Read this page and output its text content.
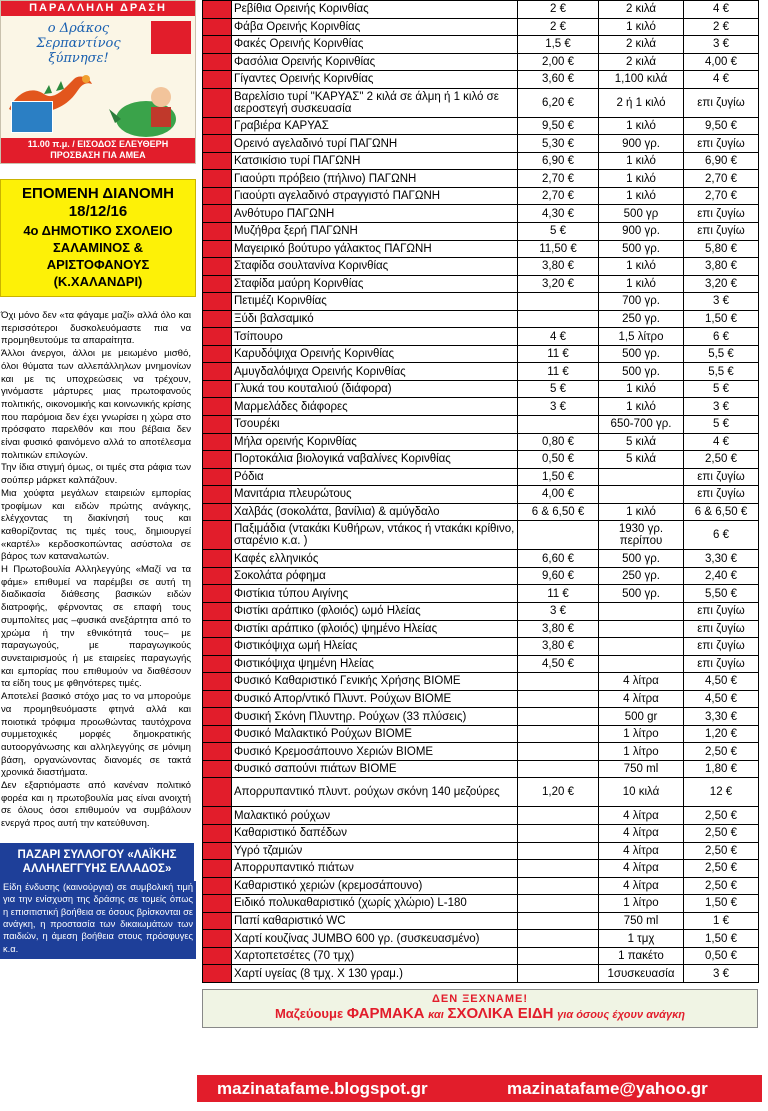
ΠΑΡΑΛΛΗΛΗ ΔΡΑΣΗ
ο Δράκος Σερπαντίνος ξύπνησε!
11.00 π.μ. / ΕΙΣΟΔΟΣ ΕΛΕΥΘΕΡΗ
ΠΡΟΣΒΑΣΗ ΓΙΑ ΑΜΕΑ
ΕΠΟΜΕΝΗ ΔΙΑΝΟΜΗ
18/12/16
4ο ΔΗΜΟΤΙΚΟ ΣΧΟΛΕΙΟ
ΣΑΛΑΜΙΝΟΣ & ΑΡΙΣΤΟΦΑΝΟΥΣ
(Κ.ΧΑΛΑΝΔΡΙ)
Όχι μόνο δεν «τα φάγαμε μαζί» αλλά όλο και περισσότεροι δυσκολευόμαστε πια να προμηθευτούμε τα απαραίτητα.
Άλλοι άνεργοι, άλλοι με μειωμένο μισθό, όλοι θύματα των αλλεπάλληλων μνημονίων και με τις υποχρεώσεις να τρέχουν, γινόμαστε μάρτυρες μιας πρωτοφανούς πολιτικής, οικονομικής και κοινωνικής κρίσης που παρόμοια δεν έχει γνωρίσει η χώρα στο πρόσφατο παρελθόν και που βέβαια δεν είναι φυσικό φαινόμενο αλλά το αποτέλεσμα πολιτικών επιλογών.
Την ίδια στιγμή όμως, οι τιμές στα ράφια των σούπερ μάρκετ καλπάζουν.
Μια χούφτα μεγάλων εταιρειών εμπορίας τροφίμων και ειδών πρώτης ανάγκης, ελέγχοντας τη διακίνησή τους και καθορίζοντας τις τιμές τους, δημιουργεί «καρτέλ» κερδοσκοπώντας ασύστολα σε βάρος των καταναλωτών.
Η Πρωτοβουλία Αλληλεγγύης «Μαζί να τα φάμε» επιθυμεί να παρέμβει σε αυτή τη διαδικασία διάθεσης βασικών ειδών διατροφής, φέρνοντας σε επαφή τους συμπολίτες μας –φυσικά ανεξάρτητα από το χρώμα ή την εθνικότητά τους– με παραγωγούς, με παραγωγικούς συνεταιρισμούς ή με εταιρείες παραγωγής και εμπορίας που επιθυμούν να διαθέσουν τα είδη τους με φθηνότερες τιμές.
Αποτελεί βασικό στόχο μας το να μπορούμε να προμηθευόμαστε φτηνά αλλά και ποιοτικά τρόφιμα προωθώντας ταυτόχρονα συμμετοχικές μορφές δημοκρατικής αυτοοργάνωσης και αλληλεγγύης σε μόνιμη βάση, οργανώνοντας διανομές σε τακτά χρονικά διαστήματα.
Δεν εξαρτιόμαστε από κανέναν πολιτικό φορέα και η πρωτοβουλία μας είναι ανοιχτή σε όλους όσοι επιθυμούν να συμβάλουν ενεργά προς αυτή την κατεύθυνση.
ΠΑΖΑΡΙ ΣΥΛΛΟΓΟΥ «ΛΑΪΚΗΣ ΑΛΛΗΛΕΓΓΥΗΣ ΕΛΛΑΔΟΣ»
Είδη ένδυσης (καινούργια) σε συμβολική τιμή για την ενίσχυση της δράσης σε τομείς όπως η επισιτιστική βοήθεια σε όσους βρίσκονται σε ανάγκη, η προστασία των δικαιωμάτων των παιδιών, η άμεση βοήθεια στους πρόσφυγες κ.α.
	Ρεβίθια Ορεινής Κορινθίας	2 €	2 κιλά	4 €
	Φάβα Ορεινής Κορινθίας	2 €	1 κιλό	2 €
	Φακές Ορεινής Κορινθίας	1,5 €	2 κιλά	3 €
	Φασόλια Ορεινής Κορινθίας	2,00 €	2 κιλά	4,00 €
	Γίγαντες Ορεινής Κορινθίας	3,60 €	1,100 κιλά	4 €
	Βαρελίσιο τυρί "ΚΑΡΥΑΣ" 2 κιλά σε άλμη ή 1 κιλό σε αεροστεγή συσκευασία	6,20 €	2 ή 1 κιλό	επι ζυγίω
	Γραβιέρα ΚΑΡΥΑΣ	9,50 €	1 κιλό	9,50 €
	Ορεινό αγελαδινό τυρί ΠΑΓΩΝΗ	5,30 €	900 γρ.	επι ζυγίω
	Κατσικίσιο τυρί ΠΑΓΩΝΗ	6,90 €	1 κιλό	6,90 €
	Γιαούρτι πρόβειο (πήλινο) ΠΑΓΩΝΗ	2,70 €	1 κιλό	2,70 €
	Γιαούρτι αγελαδινό στραγγιστό ΠΑΓΩΝΗ	2,70 €	1 κιλό	2,70 €
	Ανθότυρο ΠΑΓΩΝΗ	4,30 €	500 γρ	επι ζυγίω
	Μυζήθρα ξερή ΠΑΓΩΝΗ	5 €	900 γρ.	επι ζυγίω
	Μαγειρικό βούτυρο γάλακτος ΠΑΓΩΝΗ	11,50 €	500 γρ.	5,80 €
	Σταφίδα σουλτανίνα Κορινθίας	3,80 €	1 κιλό	3,80 €
	Σταφίδα μαύρη Κορινθίας	3,20 €	1 κιλό	3,20 €
	Πετιμέζι Κορινθίας		700 γρ.	3 €
	Ξύδι βαλσαμικό		250 γρ.	1,50 €
	Τσίπουρο	4 €	1,5 λίτρο	6 €
	Καρυδόψιχα Ορεινής Κορινθίας	11 €	500 γρ.	5,5 €
	Αμυγδαλόψιχα Ορεινής Κορινθίας	11 €	500 γρ.	5,5 €
	Γλυκά του κουταλιού (διάφορα)	5 €	1 κιλό	5 €
	Μαρμελάδες διάφορες	3 €	1 κιλό	3 €
	Τσουρέκι		650-700 γρ.	5 €
	Μήλα ορεινής Κορινθίας	0,80 €	5 κιλά	4 €
	Πορτοκάλια βιολογικά ναβαλίνες Κορινθίας	0,50 €	5 κιλά	2,50 €
	Ρόδια	1,50 €		επι ζυγίω
	Μανιτάρια πλευρώτους	4,00 €		επι ζυγίω
	Χαλβάς (σοκολάτα, βανίλια) & αμύγδαλο	6 & 6,50 €	1 κιλό	6 & 6,50 €
	Παξιμάδια (ντακάκι Κυθήρων, ντάκος ή ντακάκι κρίθινο, σταρένιο κ.α. )		1930 γρ. περίπου	6 €
	Καφές ελληνικός	6,60 €	500 γρ.	3,30 €
	Σοκολάτα ρόφημα	9,60 €	250 γρ.	2,40 €
	Φιστίκια τύπου Αιγίνης	11 €	500 γρ.	5,50 €
	Φιστίκι αράπικο (φλοιός) ωμό Ηλείας	3 €		επι ζυγίω
	Φιστίκι αράπικο (φλοιός) ψημένο Ηλείας	3,80 €		επι ζυγίω
	Φιστικόψιχα ωμή Ηλείας	3,80 €		επι ζυγίω
	Φιστικόψιχα ψημένη Ηλείας	4,50 €		επι ζυγίω
	Φυσικό Καθαριστικό Γενικής Χρήσης BIOME		4 λίτρα	4,50 €
	Φυσικό Απορ/ντικό Πλυντ. Ρούχων BIOME		4 λίτρα	4,50 €
	Φυσική Σκόνη Πλυντηρ. Ρούχων (33 πλύσεις)		500 gr	3,30 €
	Φυσικό Μαλακτικό Ρούχων BIOME		1 λίτρο	1,20 €
	Φυσικό Κρεμοσάπουνο Χεριών BIOME		1 λίτρο	2,50 €
	Φυσικό σαπούνι πιάτων BIOME		750 ml	1,80 €
	Απορρυπαντικό πλυντ. ρούχων σκόνη 140 μεζούρες	1,20 €	10 κιλά	12 €
	Μαλακτικό ρούχων		4 λίτρα	2,50 €
	Καθαριστικό δαπέδων		4 λίτρα	2,50 €
	Υγρό τζαμιών		4 λίτρα	2,50 €
	Απορρυπαντικό πιάτων		4 λίτρα	2,50 €
	Καθαριστικό χεριών (κρεμοσάπουνο)		4 λίτρα	2,50 €
	Ειδικό πολυκαθαριστικό (χωρίς χλώριο) L-180		1 λίτρο	1,50 €
	Παπί καθαριστικό WC		750 ml	1 €
	Χαρτί κουζίνας JUMBO 600 γρ. (συσκευασμένο)		1 τμχ	1,50 €
	Χαρτοπετσέτες (70 τμχ)		1 πακέτο	0,50 €
	Χαρτί υγείας (8 τμχ. Χ 130 γραμ.)		1συσκευασία	3 €
ΔΕΝ ΞΕΧΝΑΜΕ!
Μαζεύουμε ΦΑΡΜΑΚΑ και ΣΧΟΛΙΚΑ ΕΙΔΗ για όσους έχουν ανάγκη
mazinatafame.blogspot.gr	mazinatafame@yahoo.gr
